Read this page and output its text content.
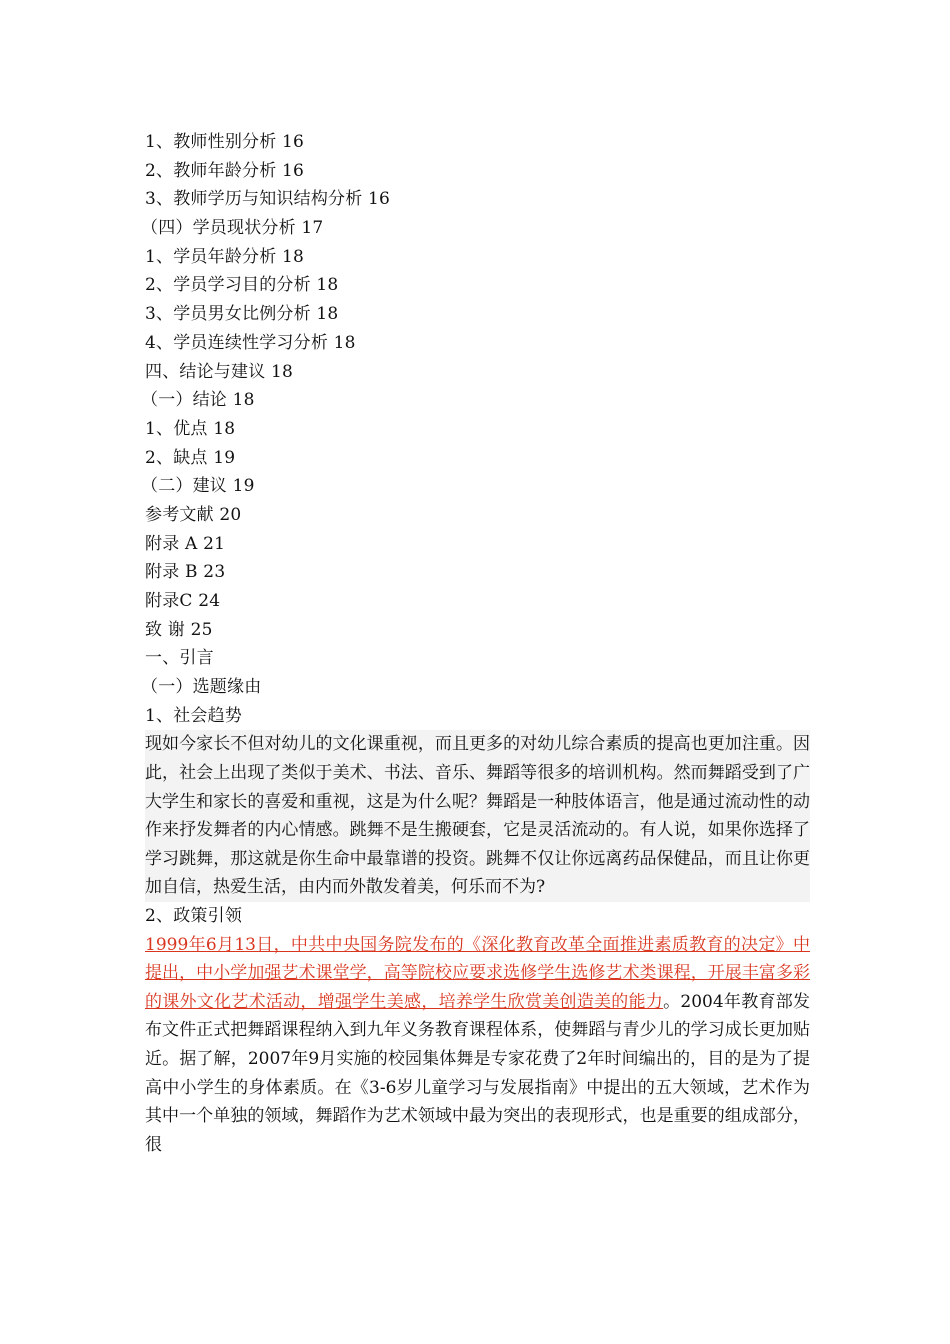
1、教师性别分析 16
2、教师年龄分析 16
3、教师学历与知识结构分析 16
（四）学员现状分析 17
1、学员年龄分析 18
2、学员学习目的分析 18
3、学员男女比例分析 18
4、学员连续性学习分析 18
四、结论与建议 18
（一）结论 18
1、优点 18
2、缺点 19
（二）建议 19
参考文献 20
附录 A 21
附录 B 23
附录C 24
致 谢 25
一、引言
（一）选题缘由
1、社会趋势
现如今家长不但对幼儿的文化课重视，而且更多的对幼儿综合素质的提高也更加注重。因此，社会上出现了类似于美术、书法、音乐、舞蹈等很多的培训机构。然而舞蹈受到了广大学生和家长的喜爱和重视，这是为什么呢？舞蹈是一种肢体语言，他是通过流动性的动作来抒发舞者的内心情感。跳舞不是生搬硬套，它是灵活流动的。有人说，如果你选择了学习跳舞，那这就是你生命中最靠谱的投资。跳舞不仅让你远离药品保健品，而且让你更加自信，热爱生活，由内而外散发着美，何乐而不为?
2、政策引领
1999年6月13日，中共中央国务院发布的《深化教育改革全面推进素质教育的决定》中提出，中小学加强艺术课堂学，高等院校应要求选修学生选修艺术类课程，开展丰富多彩的课外文化艺术活动，增强学生美感，培养学生欣赏美创造美的能力。2004年教育部发布文件正式把舞蹈课程纳入到九年义务教育课程体系，使舞蹈与青少儿的学习成长更加贴近。据了解，2007年9月实施的校园集体舞是专家花费了2年时间编出的，目的是为了提高中小学生的身体素质。在《3-6岁儿童学习与发展指南》中提出的五大领域，艺术作为其中一个单独的领域，舞蹈作为艺术领域中最为突出的表现形式，也是重要的组成部分，很
